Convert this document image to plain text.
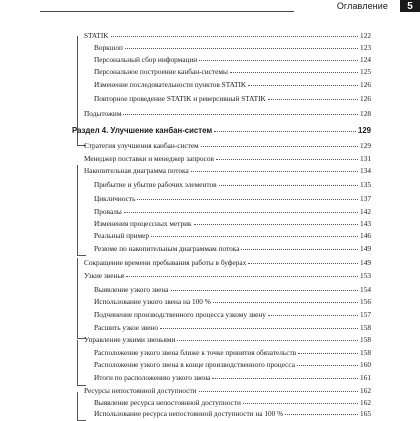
Оглавление	5
STATIK	122
Воркшоп	123
Персональный сбор информации	124
Персональное построение канбан-системы	125
Изменение последовательности пунктов STATIK	126
Повторное проведение STATIK и реверсивный STATIK	126
Подытожим	128
Раздел 4. Улучшение канбан-систем	129
Стратегия улучшения канбан-систем	129
Менеджер поставки и менеджер запросов	131
Накопительная диаграмма потока	134
Прибытие и убытие рабочих элементов	135
Цикличность	137
Провалы	142
Изменения процессных метрик	143
Реальный пример	146
Резюме по накопительным диаграммам потока	149
Сокращение времени пребывания работы в буферах	149
Узкие звенья	153
Выявление узкого звена	154
Использование узкого звена на 100 %	156
Подчинение производственного процесса узкому звену	157
Расшить узкое звено	158
Управление узкими звеньями	158
Расположение узкого звена ближе к точке принятия обязательств	158
Расположение узкого звена в конце производственного процесса	160
Итоги по расположению узкого звена	161
Ресурсы непостоянной доступности	162
Выявление ресурса непостоянной доступности	162
Использование ресурса непостоянной доступности на 100 %	165
